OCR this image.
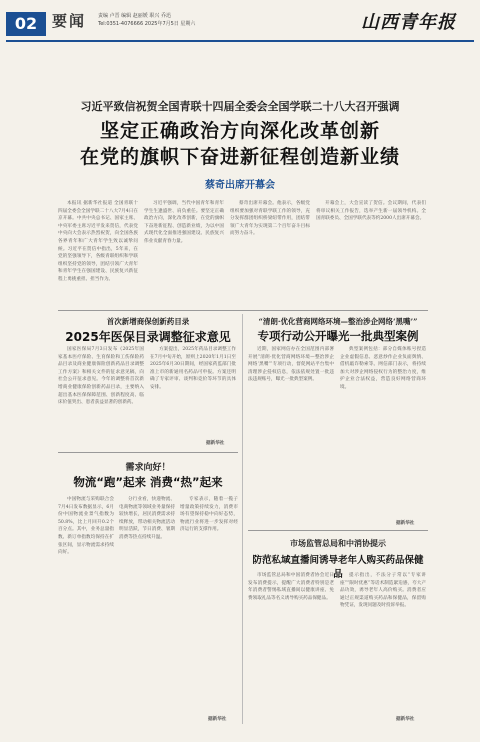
02 要闻 责编 卢晋 编辑 赵丽媛 职兴 乔迅
Tel:0351-4076666 2025年7月5日 星期六	山西青年报
习近平致信祝贺全国青联十四届全委会全国学联二十八大召开强调
坚定正确政治方向深化改革创新
在党的旗帜下奋进新征程创造新业绩
蔡奇出席开幕会

本报讯 据新华社报道 全国青联十四届全委会全国学联二十八大7月4日在京开幕。中共中央总书记、国家主席、中央军委主席习近平发来贺信，代表党中央向大会表示热烈祝贺，向全国各族各界青年和广大青年学生致以诚挚问候。习近平在贺信中指出，5年来，在党的坚强领导下，各级青联组织和学联组织坚持党的领导，团结引领广大青年和青年学生在强国建设、民族复兴新征程上勇挑重担、担当作为。

习近平强调，当代中国青年和青年学生生逢盛世、肩负重任。要坚定正确政治方向，深化改革创新，在党的旗帜下奋进新征程、创造新业绩，为以中国式现代化全面推进强国建设、民族复兴伟业贡献青春力量。

蔡奇出席开幕会。他表示，各级党组织要加强对青联学联工作的领导，充分发挥群团组织桥梁纽带作用，团结带领广大青年为实现第二个百年奋斗目标而努力奋斗。

开幕会上，大会宣读了贺信。会议期间，代表们将审议相关工作报告，选举产生新一届领导机构。全国青联委员、全国学联代表等约2000人出席开幕会。

首次新增商保创新药目录
2025年医保目录调整征求意见

国家医保局7月3日发布《2025年国家基本医疗保险、生育保险和工伤保险药品目录及商业健康保险创新药品目录调整工作方案》和相关文件的征求意见稿，向社会公开征求意见。今年的调整将首次新增商业健康保险创新药品目录，主要纳入超出基本医保保障范围、创新程度高、临床价值突出、患者获益显著的创新药。

方案提出，2025年药品目录调整工作在7月中旬开始，原则上2020年1月1日至2025年6月30日期间，经国家药监部门批准上市的新通用名药品可申报。方案还明确了专家评审、谈判和竞价等环节的具体安排。

据新华社
需求向好！
物流“跑”起来 消费“热”起来

中国物流与采购联合会7月4日发布数据显示，6月份中国物流业景气指数为50.8%，比上月回升0.2个百分点。其中，业务总量指数、新订单指数均保持在扩张区间，显示物流需求持续向好。

分行业看，快递物流、电商物流等领域业务量保持较快增长，居民消费需求持续释放，带动相关物流活动明显活跃，节日消费、暑期消费等热点持续升温。

专家表示，随着一揽子增量政策持续发力，消费市场有望保持稳中向好态势，物流行业将进一步发挥对经济运行的支撑作用。

据新华社
“清朗·优化营商网络环境—整治涉企网络‘黑嘴’”
专项行动公开曝光一批典型案例

近期，国家网信办在全国范围内部署开展“清朗·优化营商网络环境—整治涉企网络‘黑嘴’”专项行动，督促网站平台集中清理涉企侵权信息，依法依规处置一批违法违规账号，曝光一批典型案例。

典型案例包括：部分自媒体账号捏造企业虚假信息、恶意炒作企业负面舆情、借机敲诈勒索等。网信部门表示，将持续加大对涉企网络侵权行为的整治力度，维护企业合法权益，营造良好网络营商环境。

据新华社
市场监管总局和中消协提示
防范私域直播间诱导老年人购买药品保健品

市场监管总局和中国消费者协会近日发布消费提示，提醒广大消费者特别是老年消费者警惕私域直播间以健康讲座、免费领取礼品等名义诱导购买药品保健品。

提示指出，不法分子常以“专家讲座”“限时优惠”等话术制造紧迫感，夸大产品功效，诱导老年人高价购买。消费者应通过正规渠道购买药品和保健品，保留购物凭证，发现问题及时投诉举报。

据新华社
